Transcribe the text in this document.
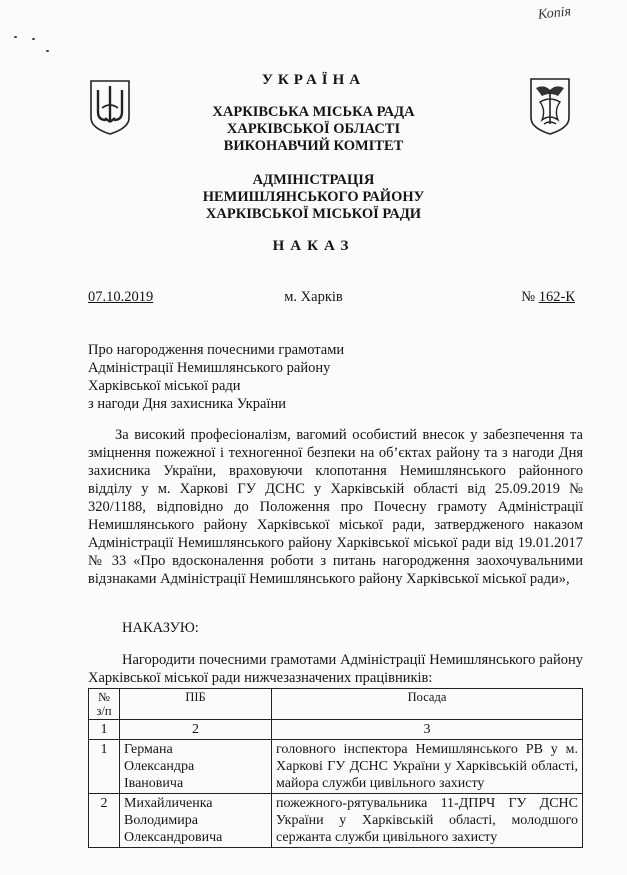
Копія
УКРАЇНА
ХАРКІВСЬКА МІСЬКА РАДА
ХАРКІВСЬКОЇ ОБЛАСТІ
ВИКОНАВЧИЙ КОМІТЕТ
АДМІНІСТРАЦІЯ
НЕМИШЛЯНСЬКОГО РАЙОНУ
ХАРКІВСЬКОЇ МІСЬКОЇ РАДИ
НАКАЗ
м. Харків
07.10.2019	№ 162-К
Про нагородження почесними грамотами
Адміністрації Немишлянського району
Харківської міської ради
з нагоди Дня захисника України
За високий професіоналізм, вагомий особистий внесок у забезпечення та зміцнення пожежної і техногенної безпеки на об’єктах району та з нагоди Дня захисника України, враховуючи клопотання Немишлянського районного відділу у м. Харкові ГУ ДСНС у Харківській області від 25.09.2019 № 320/1188, відповідно до Положення про Почесну грамоту Адміністрації Немишлянського району Харківської міської ради, затвердженого наказом Адміністрації Немишлянського району Харківської міської ради від 19.01.2017 № 33 «Про вдосконалення роботи з питань нагородження заохочувальними відзнаками Адміністрації Немишлянського району Харківської міської ради»,
НАКАЗУЮ:
Нагородити почесними грамотами Адміністрації Немишлянського району Харківської міської ради нижчезазначених працівників:
№ з/п	ПІБ	Посада
1	2	3
1	Германа
Олександра
Івановича	головного інспектора Немишлянського РВ у м. Харкові ГУ ДСНС України у Харківській області, майора служби цивільного захисту
2	Михайличенка
Володимира
Олександровича	пожежного-рятувальника 11-ДПРЧ ГУ ДСНС України у Харківській області, молодшого сержанта служби цивільного захисту
